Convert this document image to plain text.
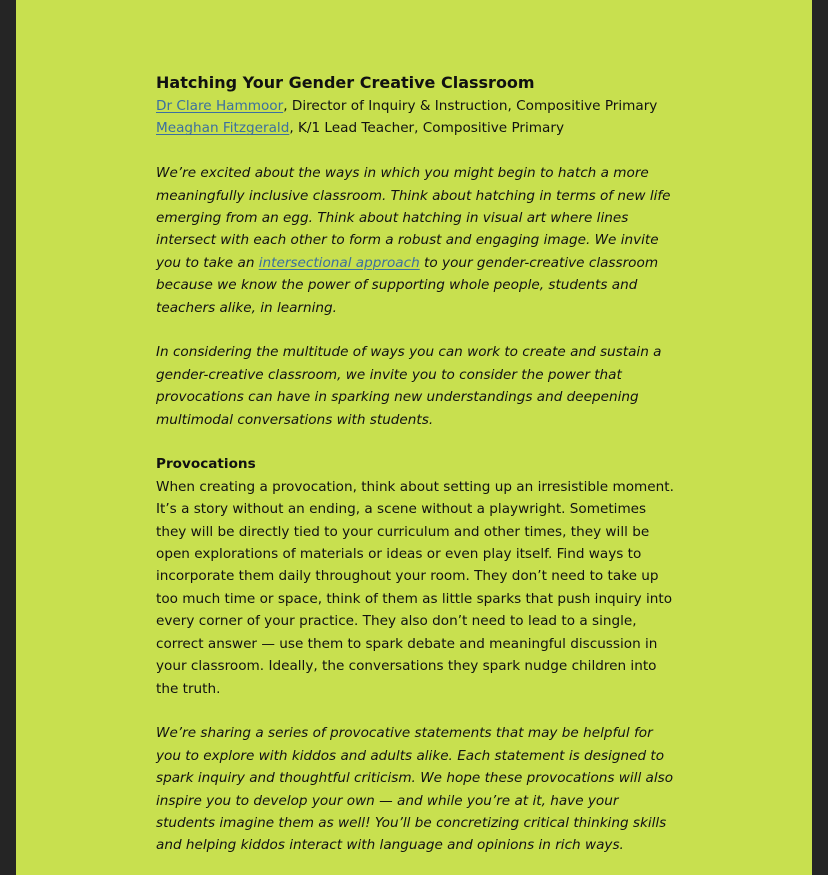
Hatching Your Gender Creative Classroom

Dr Clare Hammoor, Director of Inquiry & Instruction, Compositive Primary

Meaghan Fitzgerald, K/1 Lead Teacher, Compositive Primary

We’re excited about the ways in which you might begin to hatch a more meaningfully inclusive classroom. Think about hatching in terms of new life emerging from an egg. Think about hatching in visual art where lines intersect with each other to form a robust and engaging image. We invite you to take an intersectional approach to your gender-creative classroom because we know the power of supporting whole people, students and teachers alike, in learning.

In considering the multitude of ways you can work to create and sustain a gender-creative classroom, we invite you to consider the power that provocations can have in sparking new understandings and deepening multimodal conversations with students.

Provocations

When creating a provocation, think about setting up an irresistible moment. It’s a story without an ending, a scene without a playwright. Sometimes they will be directly tied to your curriculum and other times, they will be open explorations of materials or ideas or even play itself. Find ways to incorporate them daily throughout your room. They don’t need to take up too much time or space, think of them as little sparks that push inquiry into every corner of your practice. They also don’t need to lead to a single, correct answer — use them to spark debate and meaningful discussion in your classroom. Ideally, the conversations they spark nudge children into the truth.

We’re sharing a series of provocative statements that may be helpful for you to explore with kiddos and adults alike. Each statement is designed to spark inquiry and thoughtful criticism. We hope these provocations will also inspire you to develop your own — and while you’re at it, have your students imagine them as well! You’ll be concretizing critical thinking skills and helping kiddos interact with language and opinions in rich ways.
